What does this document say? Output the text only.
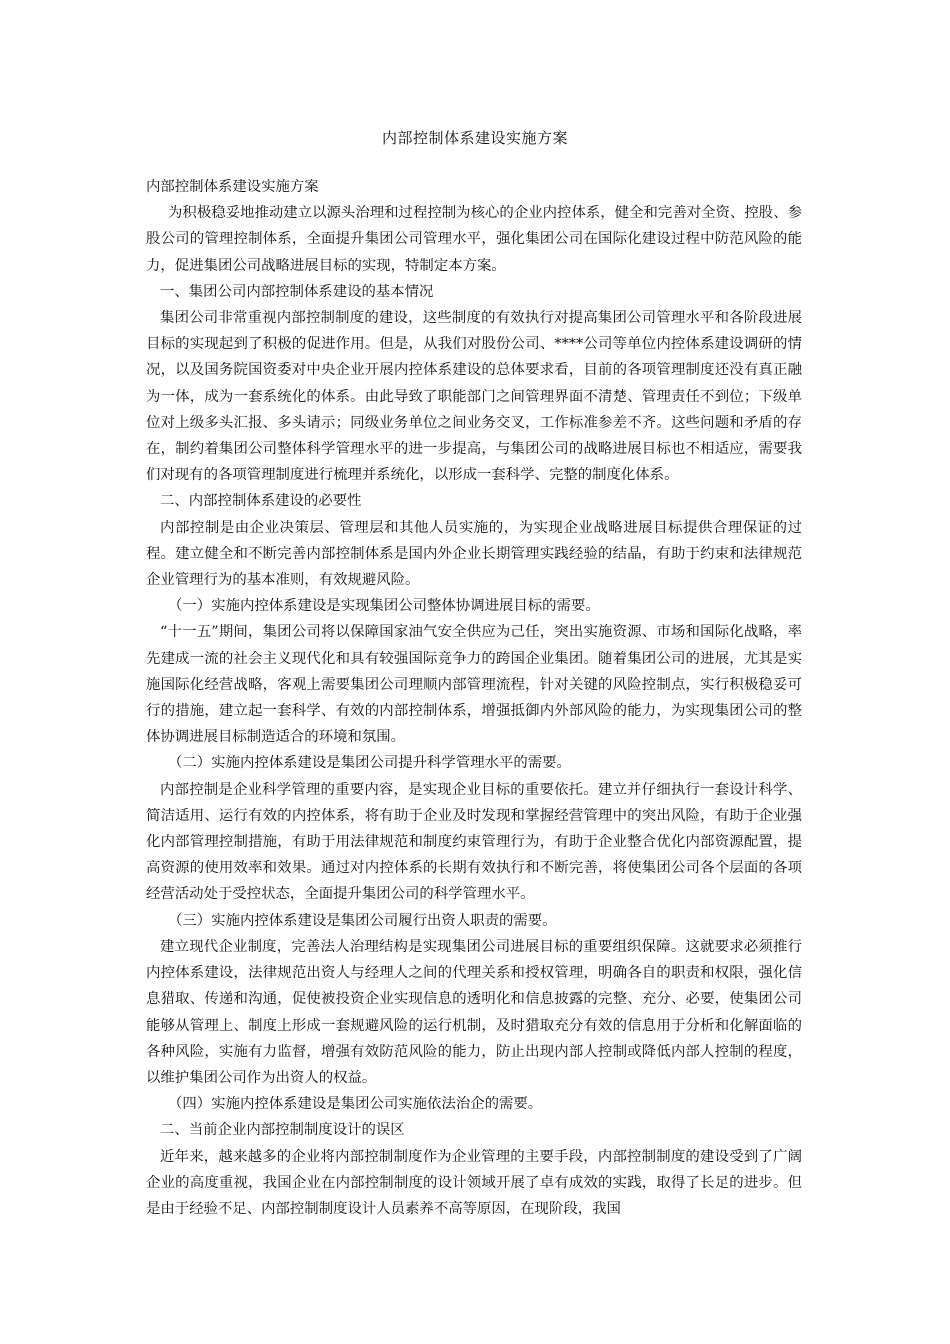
内部控制体系建设实施方案

内部控制体系建设实施方案

为积极稳妥地推动建立以源头治理和过程控制为核心的企业内控体系，健全和完善对全资、控股、参股公司的管理控制体系，全面提升集团公司管理水平，强化集团公司在国际化建设过程中防范风险的能力，促进集团公司战略进展目标的实现，特制定本方案。

一、集团公司内部控制体系建设的基本情况

集团公司非常重视内部控制制度的建设，这些制度的有效执行对提高集团公司管理水平和各阶段进展目标的实现起到了积极的促进作用。但是，从我们对股份公司、****公司等单位内控体系建设调研的情况，以及国务院国资委对中央企业开展内控体系建设的总体要求看，目前的各项管理制度还没有真正融为一体，成为一套系统化的体系。由此导致了职能部门之间管理界面不清楚、管理责任不到位；下级单位对上级多头汇报、多头请示；同级业务单位之间业务交叉，工作标准参差不齐。这些问题和矛盾的存在，制约着集团公司整体科学管理水平的进一步提高，与集团公司的战略进展目标也不相适应，需要我们对现有的各项管理制度进行梳理并系统化，以形成一套科学、完整的制度化体系。

二、内部控制体系建设的必要性

内部控制是由企业决策层、管理层和其他人员实施的，为实现企业战略进展目标提供合理保证的过程。建立健全和不断完善内部控制体系是国内外企业长期管理实践经验的结晶，有助于约束和法律规范企业管理行为的基本准则，有效规避风险。

（一）实施内控体系建设是实现集团公司整体协调进展目标的需要。

“十一五”期间，集团公司将以保障国家油气安全供应为己任，突出实施资源、市场和国际化战略，率先建成一流的社会主义现代化和具有较强国际竞争力的跨国企业集团。随着集团公司的进展，尤其是实施国际化经营战略，客观上需要集团公司理顺内部管理流程，针对关键的风险控制点，实行积极稳妥可行的措施，建立起一套科学、有效的内部控制体系，增强抵御内外部风险的能力，为实现集团公司的整体协调进展目标制造适合的环境和氛围。

（二）实施内控体系建设是集团公司提升科学管理水平的需要。

内部控制是企业科学管理的重要内容，是实现企业目标的重要依托。建立并仔细执行一套设计科学、简洁适用、运行有效的内控体系，将有助于企业及时发现和掌握经营管理中的突出风险，有助于企业强化内部管理控制措施，有助于用法律规范和制度约束管理行为，有助于企业整合优化内部资源配置，提高资源的使用效率和效果。通过对内控体系的长期有效执行和不断完善，将使集团公司各个层面的各项经营活动处于受控状态，全面提升集团公司的科学管理水平。

（三）实施内控体系建设是集团公司履行出资人职责的需要。

建立现代企业制度，完善法人治理结构是实现集团公司进展目标的重要组织保障。这就要求必须推行内控体系建设，法律规范出资人与经理人之间的代理关系和授权管理，明确各自的职责和权限，强化信息猎取、传递和沟通，促使被投资企业实现信息的透明化和信息披露的完整、充分、必要，使集团公司能够从管理上、制度上形成一套规避风险的运行机制，及时猎取充分有效的信息用于分析和化解面临的各种风险，实施有力监督，增强有效防范风险的能力，防止出现内部人控制或降低内部人控制的程度，以维护集团公司作为出资人的权益。

（四）实施内控体系建设是集团公司实施依法治企的需要。

二、当前企业内部控制制度设计的误区

近年来，越来越多的企业将内部控制制度作为企业管理的主要手段，内部控制制度的建设受到了广阔企业的高度重视，我国企业在内部控制制度的设计领域开展了卓有成效的实践，取得了长足的进步。但是由于经验不足、内部控制制度设计人员素养不高等原因，在现阶段，我国
